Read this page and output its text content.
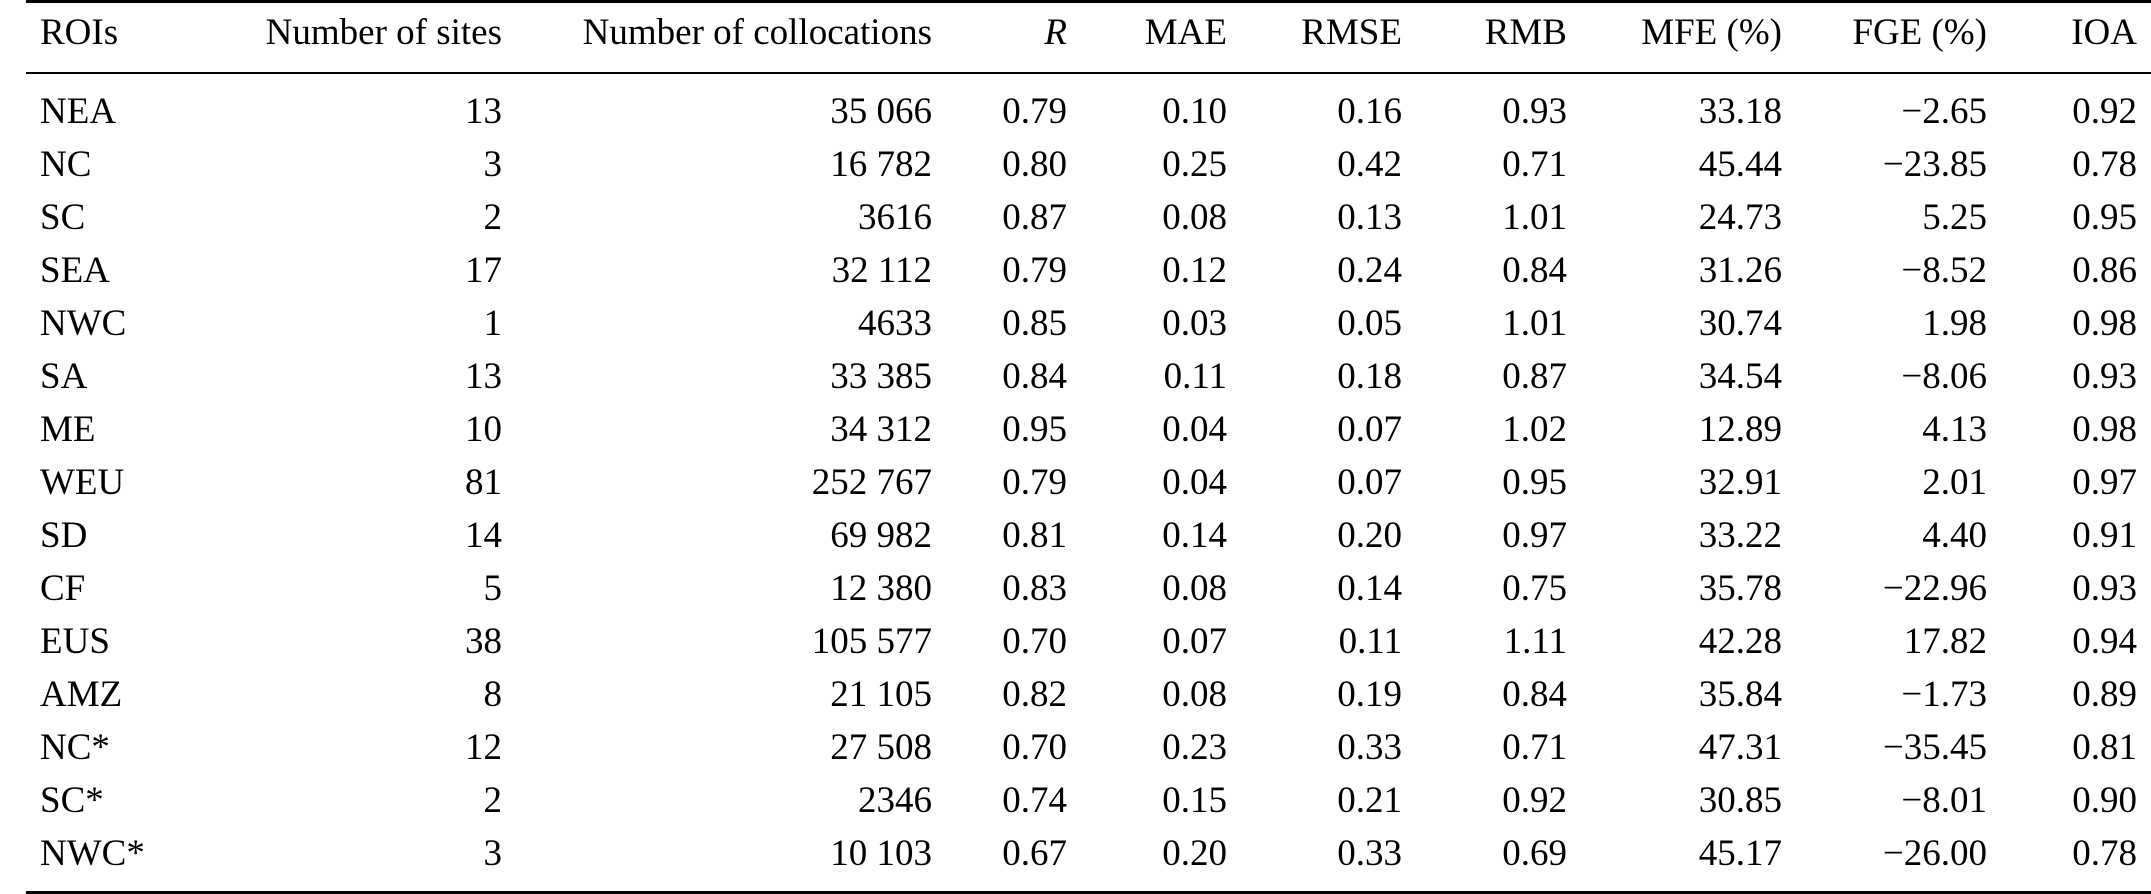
ROIs	Number of sites	Number of collocations	R	MAE	RMSE	RMB	MFE (%)	FGE (%)	IOA
NEA	13	35 066	0.79	0.10	0.16	0.93	33.18	−2.65	0.92
NC	3	16 782	0.80	0.25	0.42	0.71	45.44	−23.85	0.78
SC	2	3616	0.87	0.08	0.13	1.01	24.73	5.25	0.95
SEA	17	32 112	0.79	0.12	0.24	0.84	31.26	−8.52	0.86
NWC	1	4633	0.85	0.03	0.05	1.01	30.74	1.98	0.98
SA	13	33 385	0.84	0.11	0.18	0.87	34.54	−8.06	0.93
ME	10	34 312	0.95	0.04	0.07	1.02	12.89	4.13	0.98
WEU	81	252 767	0.79	0.04	0.07	0.95	32.91	2.01	0.97
SD	14	69 982	0.81	0.14	0.20	0.97	33.22	4.40	0.91
CF	5	12 380	0.83	0.08	0.14	0.75	35.78	−22.96	0.93
EUS	38	105 577	0.70	0.07	0.11	1.11	42.28	17.82	0.94
AMZ	8	21 105	0.82	0.08	0.19	0.84	35.84	−1.73	0.89
NC*	12	27 508	0.70	0.23	0.33	0.71	47.31	−35.45	0.81
SC*	2	2346	0.74	0.15	0.21	0.92	30.85	−8.01	0.90
NWC*	3	10 103	0.67	0.20	0.33	0.69	45.17	−26.00	0.78
